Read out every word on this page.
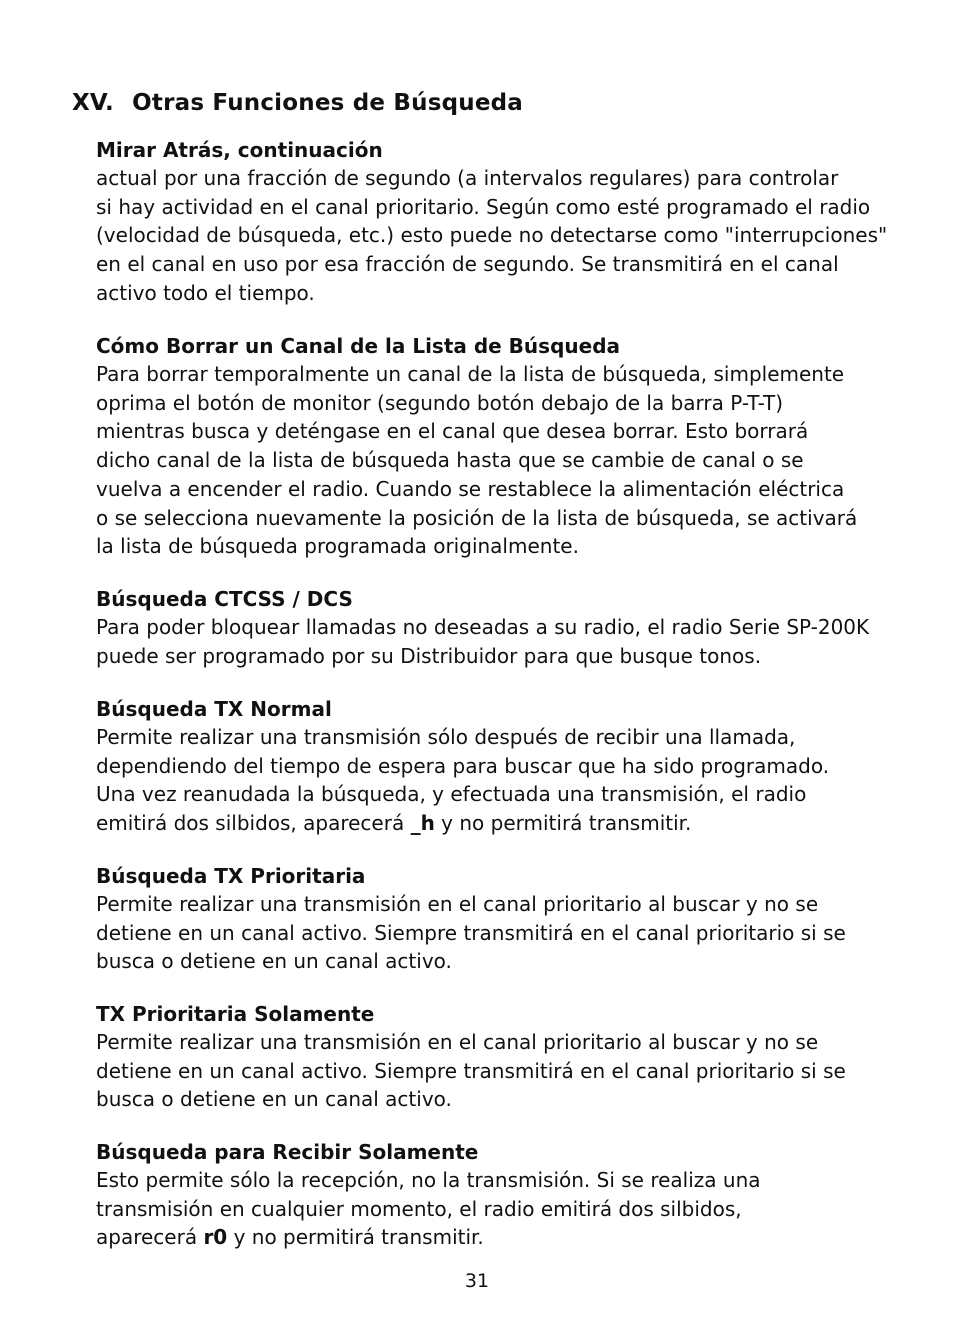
XV. Otras Funciones de Búsqueda
Mirar Atrás, continuación
actual por una fracción de segundo (a intervalos regulares) para controlar
si hay actividad en el canal prioritario. Según como esté programado el radio
(velocidad de búsqueda, etc.) esto puede no detectarse como "interrupciones"
en el canal en uso por esa fracción de segundo. Se transmitirá en el canal
activo todo el tiempo.
Cómo Borrar un Canal de la Lista de Búsqueda
Para borrar temporalmente un canal de la lista de búsqueda, simplemente
oprima el botón de monitor (segundo botón debajo de la barra P-T-T)
mientras busca y deténgase en el canal que desea borrar. Esto borrará
dicho canal de la lista de búsqueda hasta que se cambie de canal o se
vuelva a encender el radio. Cuando se restablece la alimentación eléctrica
o se selecciona nuevamente la posición de la lista de búsqueda, se activará
la lista de búsqueda programada originalmente.
Búsqueda CTCSS / DCS
Para poder bloquear llamadas no deseadas a su radio, el radio Serie SP-200K
puede ser programado por su Distribuidor para que busque tonos.
Búsqueda TX Normal
Permite realizar una transmisión sólo después de recibir una llamada,
dependiendo del tiempo de espera para buscar que ha sido programado.
Una vez reanudada la búsqueda, y efectuada una transmisión, el radio
emitirá dos silbidos, aparecerá _h y no permitirá transmitir.
Búsqueda TX Prioritaria
Permite realizar una transmisión en el canal prioritario al buscar y no se
detiene en un canal activo. Siempre transmitirá en el canal prioritario si se
busca o detiene en un canal activo.
TX Prioritaria Solamente
Permite realizar una transmisión en el canal prioritario al buscar y no se
detiene en un canal activo. Siempre transmitirá en el canal prioritario si se
busca o detiene en un canal activo.
Búsqueda para Recibir Solamente
Esto permite sólo la recepción, no la transmisión. Si se realiza una
transmisión en cualquier momento, el radio emitirá dos silbidos,
aparecerá r0 y no permitirá transmitir.
31
